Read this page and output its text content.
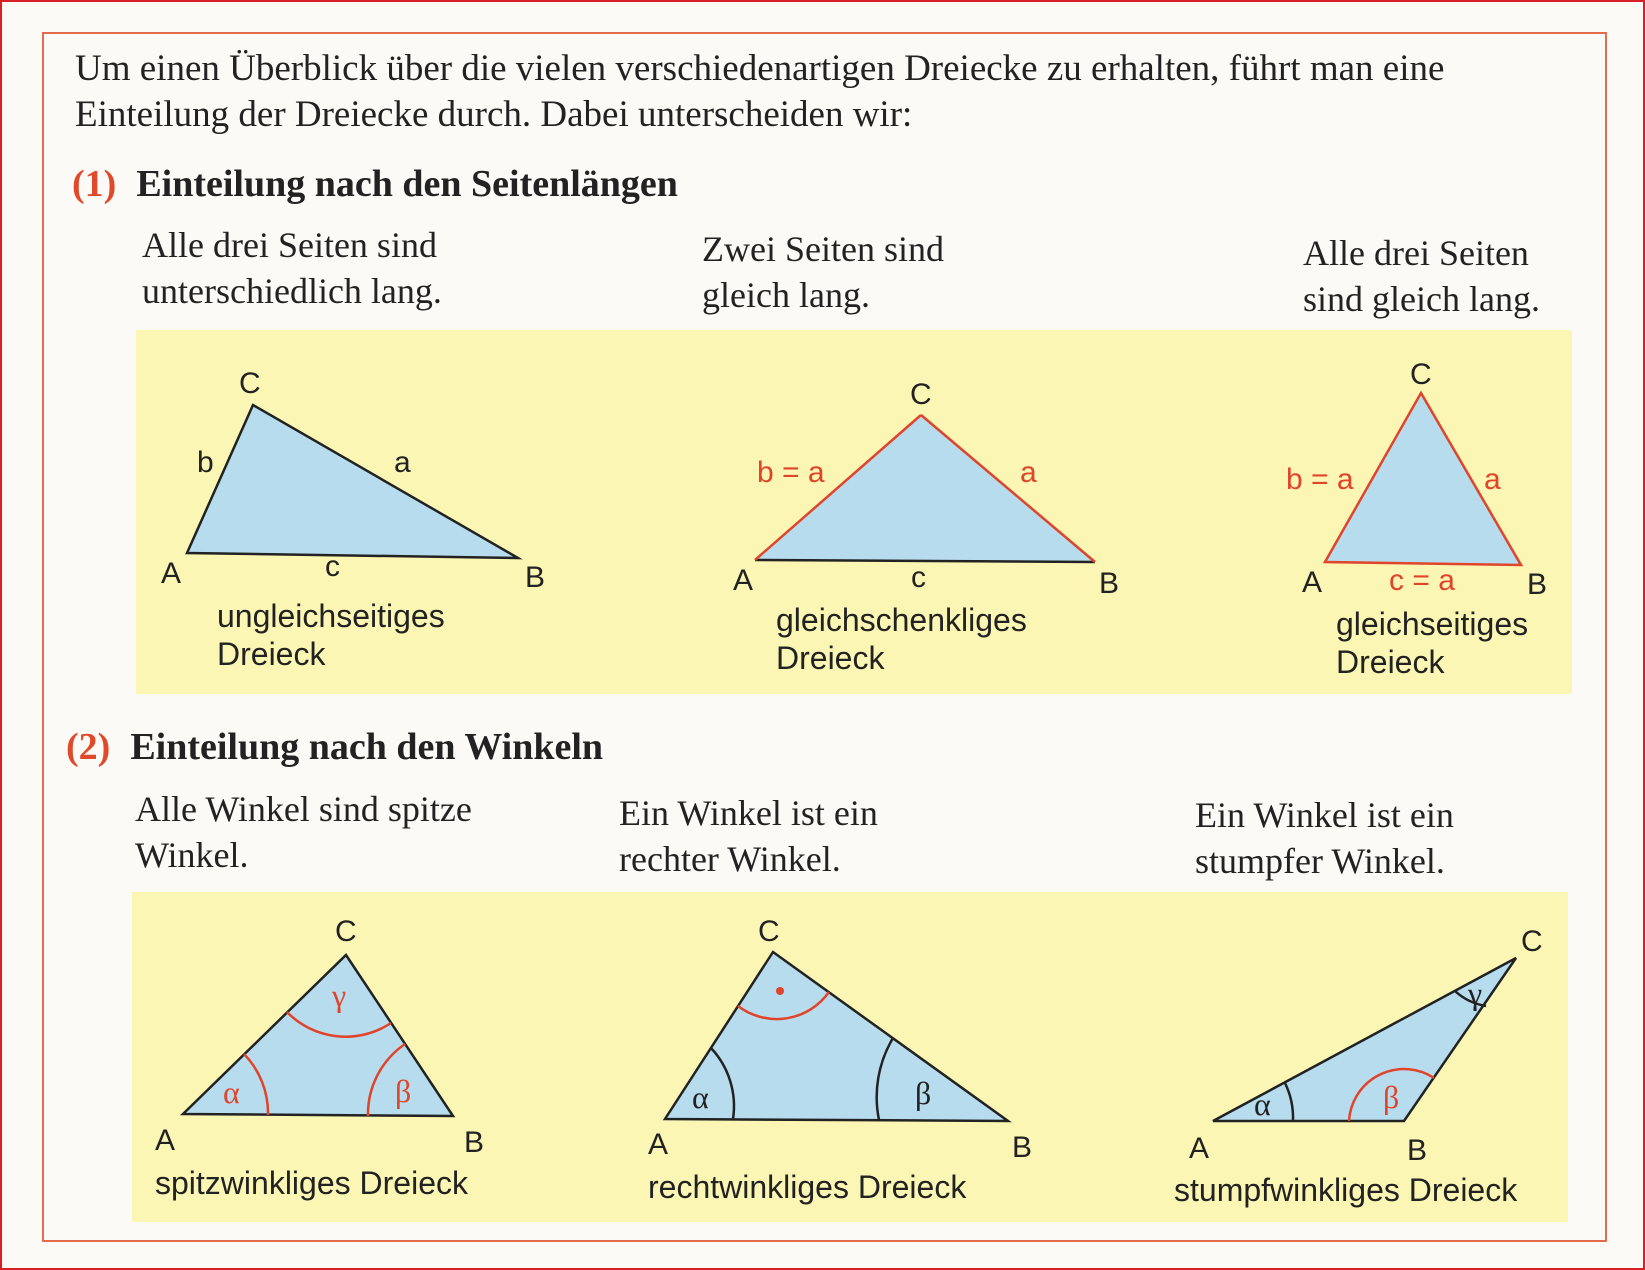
Um einen Überblick über die vielen verschiedenartigen Dreiecke zu erhalten, führt man eine Einteilung der Dreiecke durch. Dabei unterscheiden wir:
(1) Einteilung nach den Seitenlängen
Alle drei Seiten sind
unterschiedlich lang.
Zwei Seiten sind
gleich lang.
Alle drei Seiten
sind gleich lang.
(2) Einteilung nach den Winkeln
Alle Winkel sind spitze
Winkel.
Ein Winkel ist ein
rechter Winkel.
Ein Winkel ist ein
stumpfer Winkel.
A	B
C
b	a
c	A	B
C
b = a	a
c	A	B
C
b = a	a
c = a
α	β
γ
A	B
C
α	β
A	B
C
α	β
γ
A	B
C
ungleichseitiges
Dreieck
gleichschenkliges
Dreieck
gleichseitiges
Dreieck
spitzwinkliges Dreieck	rechtwinkliges Dreieck	stumpfwinkliges Dreieck
